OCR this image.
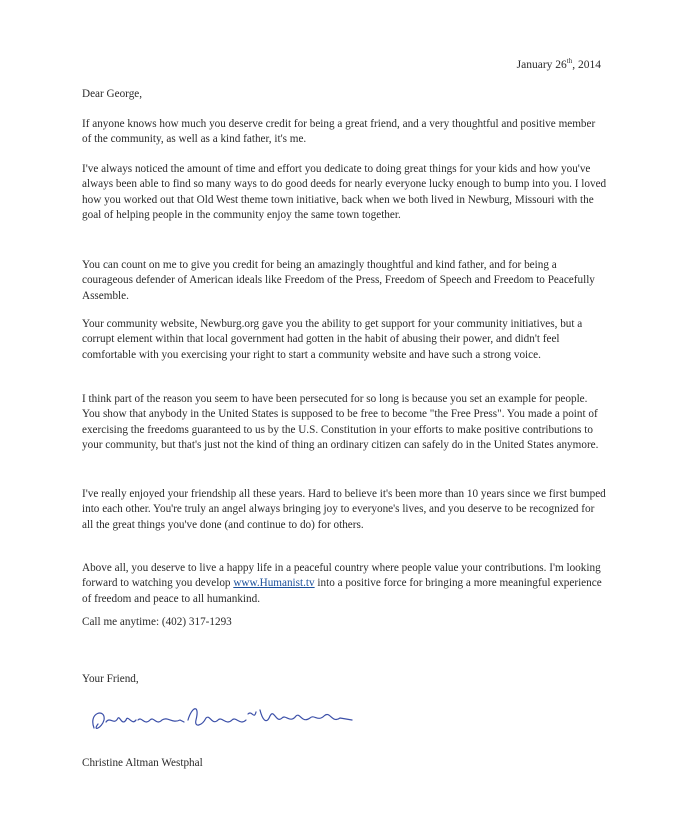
January 26th, 2014

Dear George,

If anyone knows how much you deserve credit for being a great friend, and a very thoughtful and positive member of the community, as well as a kind father, it's me.

I've always noticed the amount of time and effort you dedicate to doing great things for your kids and how you've always been able to find so many ways to do good deeds for nearly everyone lucky enough to bump into you. I loved how you worked out that Old West theme town initiative, back when we both lived in Newburg, Missouri with the goal of helping people in the community enjoy the same town together.

You can count on me to give you credit for being an amazingly thoughtful and kind father, and for being a courageous defender of American ideals like Freedom of the Press, Freedom of Speech and Freedom to Peacefully Assemble.

Your community website, Newburg.org gave you the ability to get support for your community initiatives, but a corrupt element within that local government had gotten in the habit of abusing their power, and didn't feel comfortable with you exercising your right to start a community website and have such a strong voice.

I think part of the reason you seem to have been persecuted for so long is because you set an example for people. You show that anybody in the United States is supposed to be free to become "the Free Press". You made a point of exercising the freedoms guaranteed to us by the U.S. Constitution in your efforts to make positive contributions to your community, but that's just not the kind of thing an ordinary citizen can safely do in the United States anymore.

I've really enjoyed your friendship all these years. Hard to believe it's been more than 10 years since we first bumped into each other. You're truly an angel always bringing joy to everyone's lives, and you deserve to be recognized for all the great things you've done (and continue to do) for others.

Above all, you deserve to live a happy life in a peaceful country where people value your contributions. I'm looking forward to watching you develop www.Humanist.tv into a positive force for bringing a more meaningful experience of freedom and peace to all humankind.

Call me anytime: (402) 317-1293

Your Friend,

Christine Altman Westphal
